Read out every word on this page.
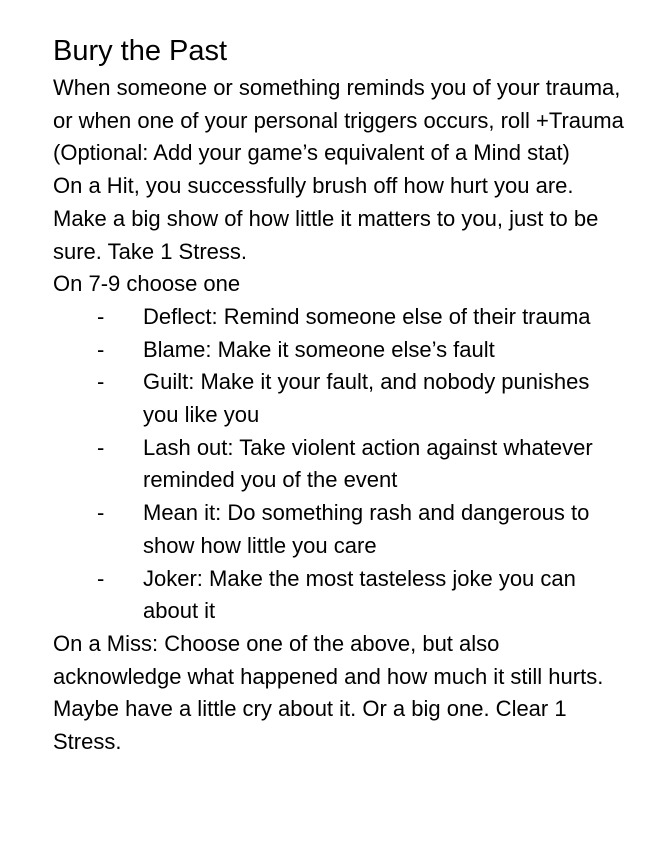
Bury the Past

When someone or something reminds you of your trauma, or when one of your personal triggers occurs, roll +Trauma (Optional: Add your game’s equivalent of a Mind stat)

On a Hit, you successfully brush off how hurt you are. Make a big show of how little it matters to you, just to be sure. Take 1 Stress.

On 7-9 choose one

- Deflect: Remind someone else of their trauma
- Blame: Make it someone else’s fault
- Guilt: Make it your fault, and nobody punishes you like you
- Lash out: Take violent action against whatever reminded you of the event
- Mean it: Do something rash and dangerous to show how little you care
- Joker: Make the most tasteless joke you can about it

On a Miss: Choose one of the above, but also acknowledge what happened and how much it still hurts. Maybe have a little cry about it. Or a big one. Clear 1 Stress.
